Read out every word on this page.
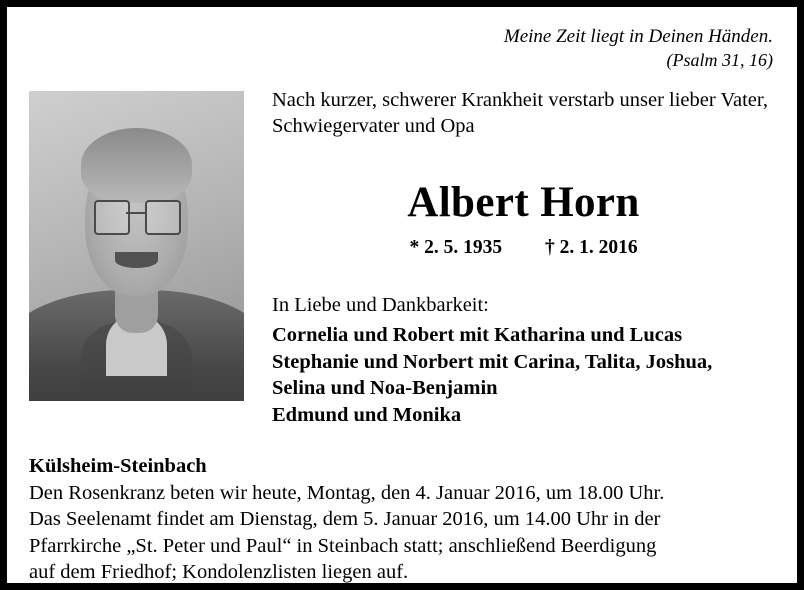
Meine Zeit liegt in Deinen Händen.
(Psalm 31, 16)
Nach kurzer, schwerer Krankheit verstarb unser lieber Vater, Schwiegervater und Opa
Albert Horn
* 2. 5. 1935 † 2. 1. 2016
In Liebe und Dankbarkeit:
Cornelia und Robert mit Katharina und Lucas
Stephanie und Norbert mit Carina, Talita, Joshua,
Selina und Noa-Benjamin
Edmund und Monika
Külsheim-Steinbach
Den Rosenkranz beten wir heute, Montag, den 4. Januar 2016, um 18.00 Uhr.
Das Seelenamt findet am Dienstag, dem 5. Januar 2016, um 14.00 Uhr in der
Pfarrkirche „St. Peter und Paul“ in Steinbach statt; anschließend Beerdigung
auf dem Friedhof; Kondolenzlisten liegen auf.
